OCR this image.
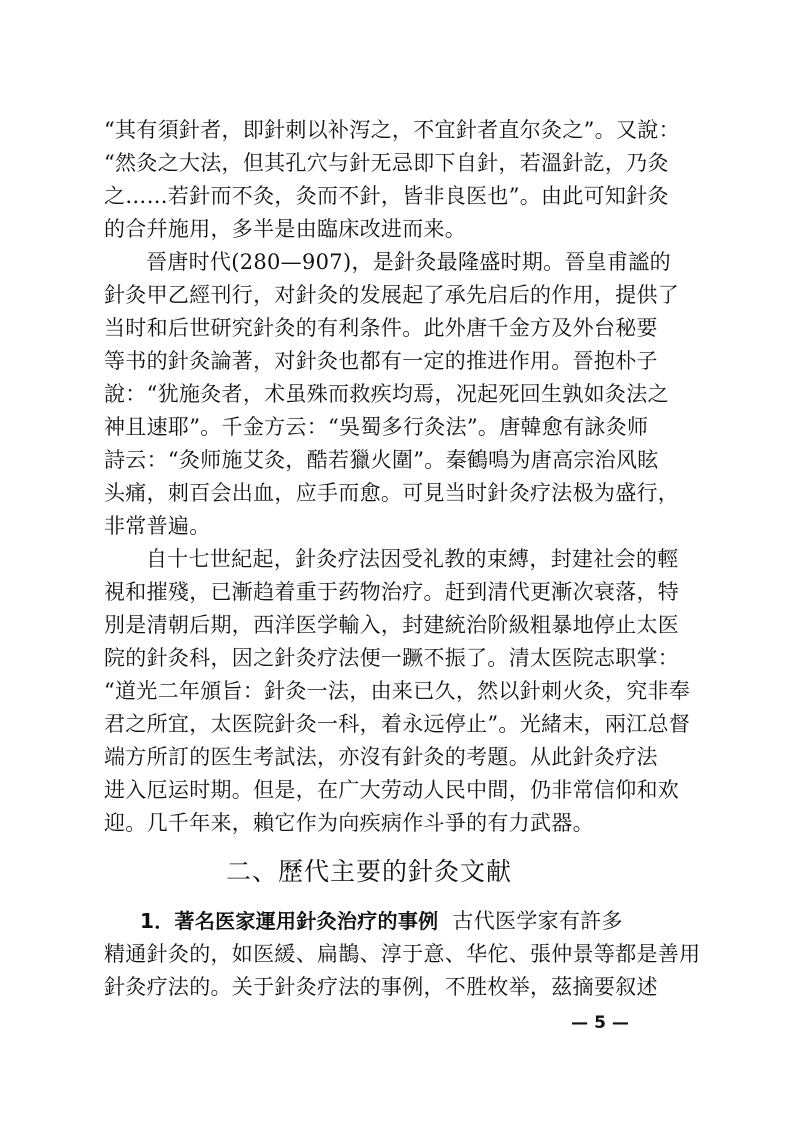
“其有須針者，即針刺以补泻之，不宜針者直尔灸之”。又說：
“然灸之大法，但其孔穴与針无忌即下自針，若溫針訖，乃灸
之……若針而不灸，灸而不針，皆非良医也”。由此可知針灸
的合幷施用，多半是由臨床改进而来。
晉唐时代(280—907)，是針灸最隆盛时期。晉皇甫謐的
針灸甲乙經刊行，对針灸的发展起了承先启后的作用，提供了
当时和后世研究針灸的有利条件。此外唐千金方及外台秘要
等书的針灸論著，对針灸也都有一定的推进作用。晉抱朴子
說：“犹施灸者，术虽殊而救疾均焉，况起死回生孰如灸法之
神且速耶”。千金方云：“吳蜀多行灸法”。唐韓愈有詠灸师
詩云：“灸师施艾灸，酷若獵火圍”。秦鶴鳴为唐高宗治风眩
头痛，刺百会出血，应手而愈。可見当时針灸疗法极为盛行，
非常普遍。
自十七世紀起，針灸疗法因受礼教的束縛，封建社会的輕
視和摧殘，已漸趋着重于药物治疗。赶到清代更漸次衰落，特
別是清朝后期，西洋医学輸入，封建統治阶級粗暴地停止太医
院的針灸科，因之針灸疗法便一蹶不振了。清太医院志职掌：
“道光二年頒旨：針灸一法，由来已久，然以針刺火灸，究非奉
君之所宜，太医院針灸一科，着永远停止”。光緒末，兩江总督
端方所訂的医生考試法，亦沒有針灸的考題。从此針灸疗法
进入厄运时期。但是，在广大劳动人民中間，仍非常信仰和欢
迎。几千年来，賴它作为向疾病作斗爭的有力武器。
二、歷代主要的針灸文献
1．著名医家運用針灸治疗的事例 古代医学家有許多
精通針灸的，如医緩、扁鵲、淳于意、华佗、張仲景等都是善用
針灸疗法的。关于針灸疗法的事例，不胜枚举，茲摘要叙述
— 5 —
